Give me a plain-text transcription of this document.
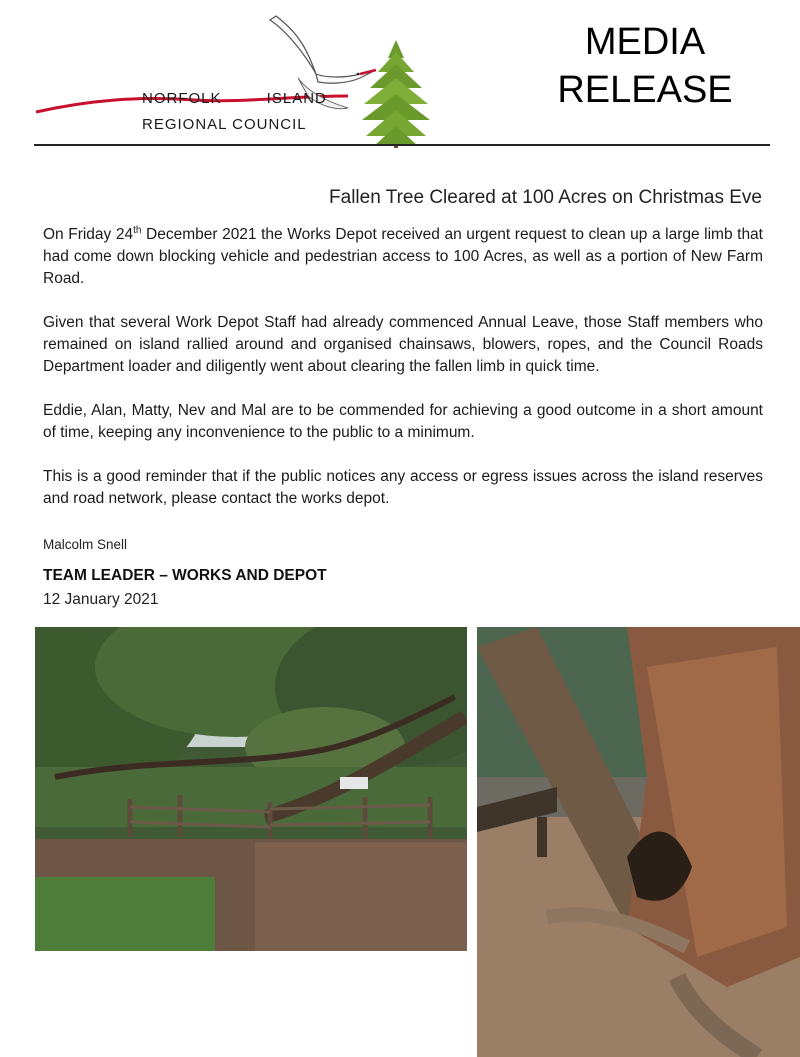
NORFOLK ISLAND
REGIONAL COUNCIL
MEDIA
RELEASE
Fallen Tree Cleared at 100 Acres on Christmas Eve

On Friday 24th December 2021 the Works Depot received an urgent request to clean up a large limb that had come down blocking vehicle and pedestrian access to 100 Acres, as well as a portion of New Farm Road.

Given that several Work Depot Staff had already commenced Annual Leave, those Staff members who remained on island rallied around and organised chainsaws, blowers, ropes, and the Council Roads Department loader and diligently went about clearing the fallen limb in quick time.

Eddie, Alan, Matty, Nev and Mal are to be commended for achieving a good outcome in a short amount of time, keeping any inconvenience to the public to a minimum.

This is a good reminder that if the public notices any access or egress issues across the island reserves and road network, please contact the works depot.

Malcolm Snell
TEAM LEADER – WORKS AND DEPOT
12 January 2021
